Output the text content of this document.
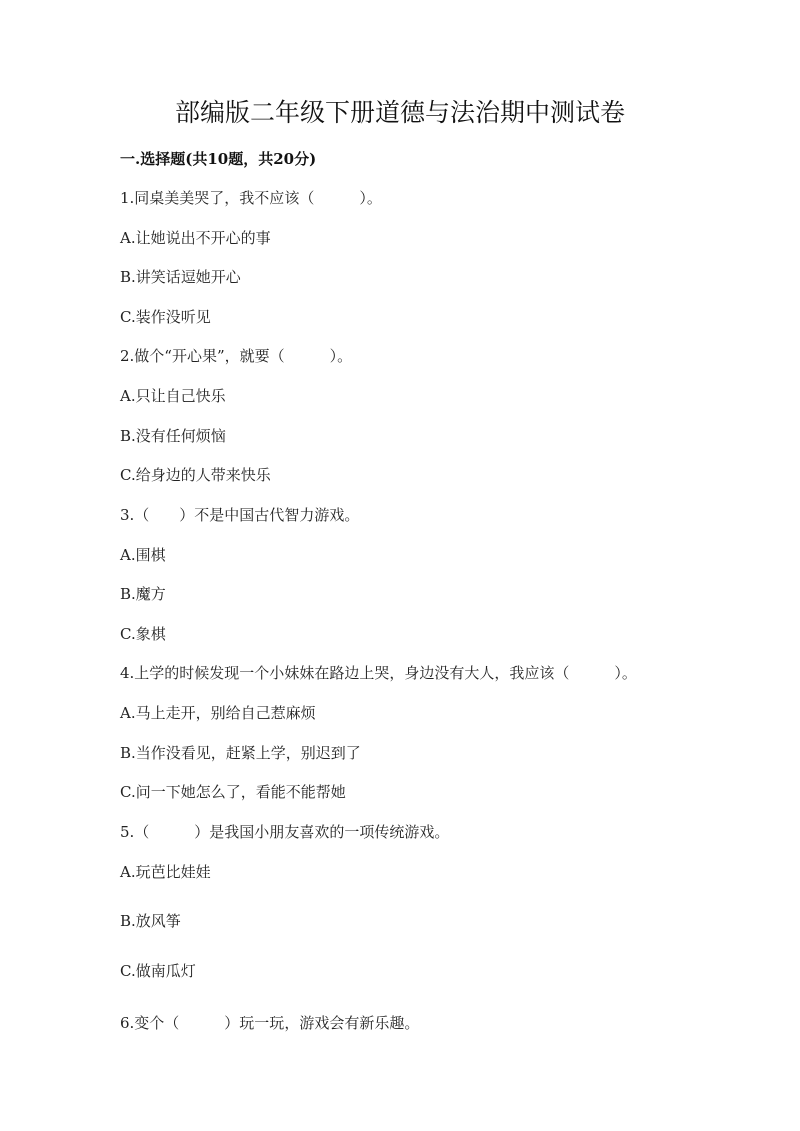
部编版二年级下册道德与法治期中测试卷
一.选择题(共10题，共20分)

1.同桌美美哭了，我不应该（　　　）。

A.让她说出不开心的事

B.讲笑话逗她开心

C.装作没听见

2.做个“开心果”，就要（　　　）。

A.只让自己快乐

B.没有任何烦恼

C.给身边的人带来快乐

3.（　　）不是中国古代智力游戏。

A.围棋

B.魔方

C.象棋

4.上学的时候发现一个小妹妹在路边上哭，身边没有大人，我应该（　　　）。

A.马上走开，别给自己惹麻烦

B.当作没看见，赶紧上学，别迟到了

C.问一下她怎么了，看能不能帮她

5.（　　　）是我国小朋友喜欢的一项传统游戏。

A.玩芭比娃娃

B.放风筝

C.做南瓜灯

6.变个（　　　）玩一玩，游戏会有新乐趣。
